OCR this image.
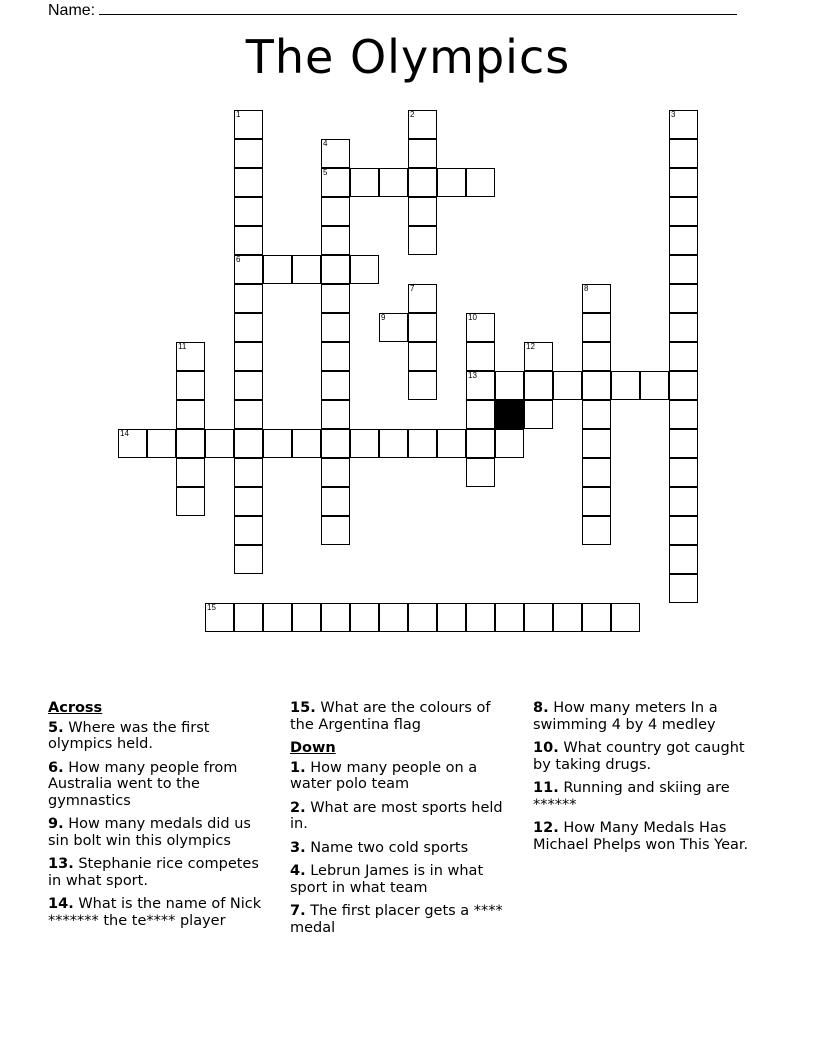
Name:
The Olympics
1	2	3
4
5
6
7	8
9	10
11	12
13
14
15
Across
5. Where was the first olympics held.
6. How many people from Australia went to the gymnastics
9. How many medals did us sin bolt win this olympics
13. Stephanie rice competes in what sport.
14. What is the name of Nick ******* the te**** player
15. What are the colours of the Argentina flag
Down
1. How many people on a water polo team
2. What are most sports held in.
3. Name two cold sports
4. Lebrun James is in what sport in what team
7. The first placer gets a **** medal
8. How many meters In a swimming 4 by 4 medley
10. What country got caught by taking drugs.
11. Running and skiing are ******
12. How Many Medals Has Michael Phelps won This Year.
